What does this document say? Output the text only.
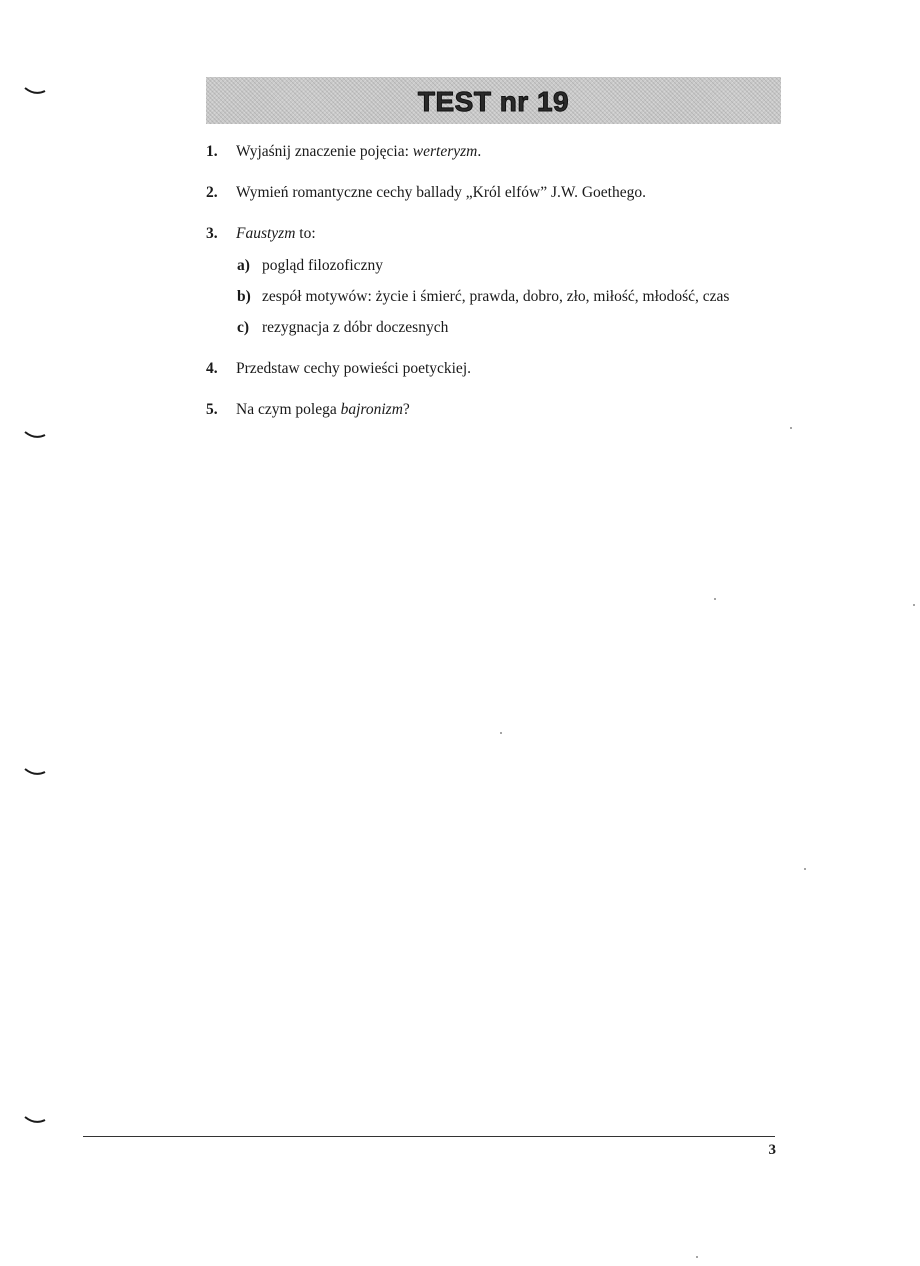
TEST nr 19
1. Wyjaśnij znaczenie pojęcia: werteryzm.
2. Wymień romantyczne cechy ballady „Król elfów” J.W. Goethego.
3. Faustyzm to:
a) pogląd filozoficzny
b) zespół motywów: życie i śmierć, prawda, dobro, zło, miłość, młodość, czas
c) rezygnacja z dóbr doczesnych
4. Przedstaw cechy powieści poetyckiej.
5. Na czym polega bajronizm?
3
